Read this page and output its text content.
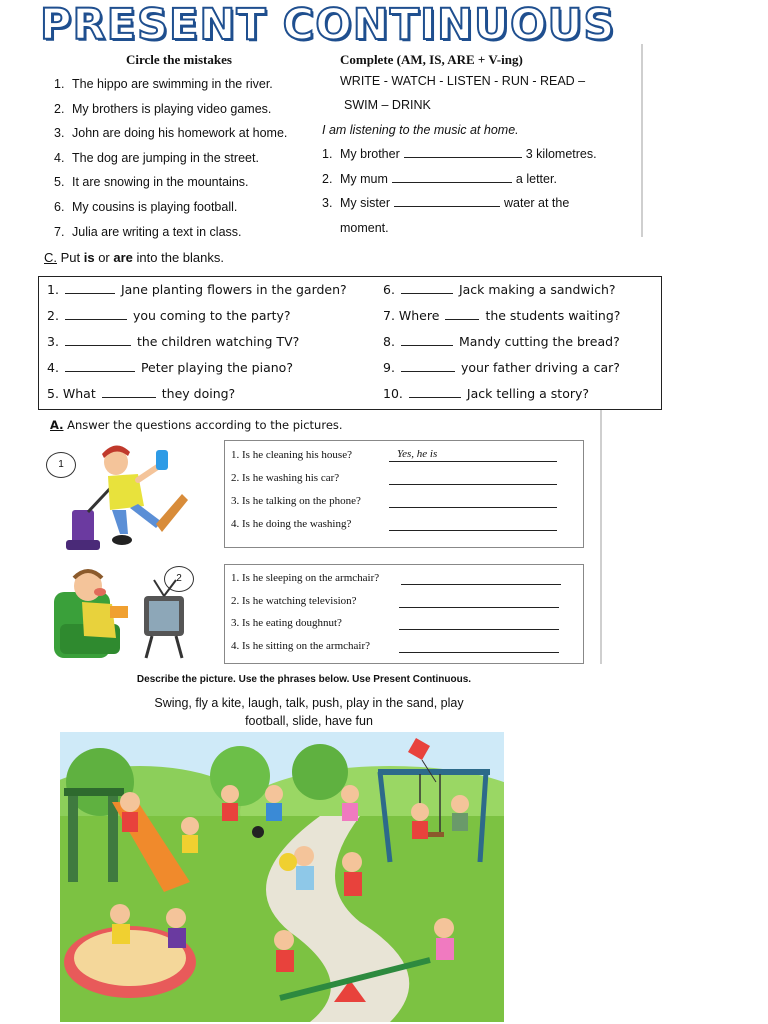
PRESENT CONTINUOUS
Circle the mistakes
1. The hippo are swimming in the river.
2. My brothers is playing video games.
3. John are doing his homework at home.
4. The dog are jumping in the street.
5. It are snowing in the mountains.
6. My cousins is playing football.
7. Julia are writing a text in class.
Complete (AM, IS, ARE + V-ing)
WRITE - WATCH - LISTEN - RUN - READ –
SWIM – DRINK
I am listening to the music at home.
1. My brother	3 kilometres.
2. My mum	a letter.
3. My sister	water at the
moment.
C. Put is or are into the blanks.
1.	Jane planting flowers in the garden?
2.	you coming to the party?
3.	the children watching TV?
4.	Peter playing the piano?
5. What	they doing?
6.	Jack making a sandwich?
7. Where	the students waiting?
8.	Mandy cutting the bread?
9.	your father driving a car?
10.	Jack telling a story?
A. Answer the questions according to the pictures.
1
1. Is he cleaning his house?
2. Is he washing his car?
3. Is he talking on the phone?
4. Is he doing the washing?
Yes, he is
2	1. Is he sleeping on the armchair?
2. Is he watching television?
3. Is he eating doughnut?
4. Is he sitting on the armchair?
Describe the picture. Use the phrases below. Use Present Continuous.
Swing, fly a kite, laugh, talk, push, play in the sand, play
football, slide, have fun
